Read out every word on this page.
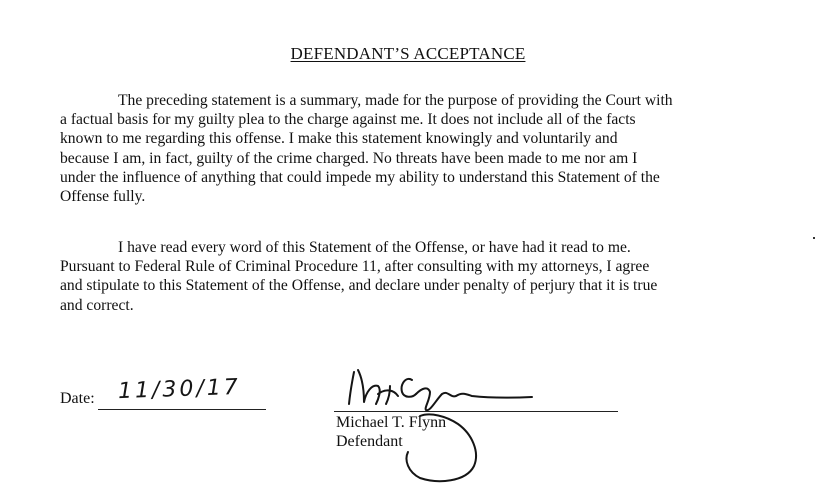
DEFENDANT’S ACCEPTANCE

The preceding statement is a summary, made for the purpose of providing the Court with
a factual basis for my guilty plea to the charge against me. It does not include all of the facts
known to me regarding this offense. I make this statement knowingly and voluntarily and
because I am, in fact, guilty of the crime charged. No threats have been made to me nor am I
under the influence of anything that could impede my ability to understand this Statement of the
Offense fully.

I have read every word of this Statement of the Offense, or have had it read to me.
Pursuant to Federal Rule of Criminal Procedure 11, after consulting with my attorneys, I agree
and stipulate to this Statement of the Offense, and declare under penalty of perjury that it is true
and correct.

Date: 11/30/17
Michael T. Flynn
Defendant
